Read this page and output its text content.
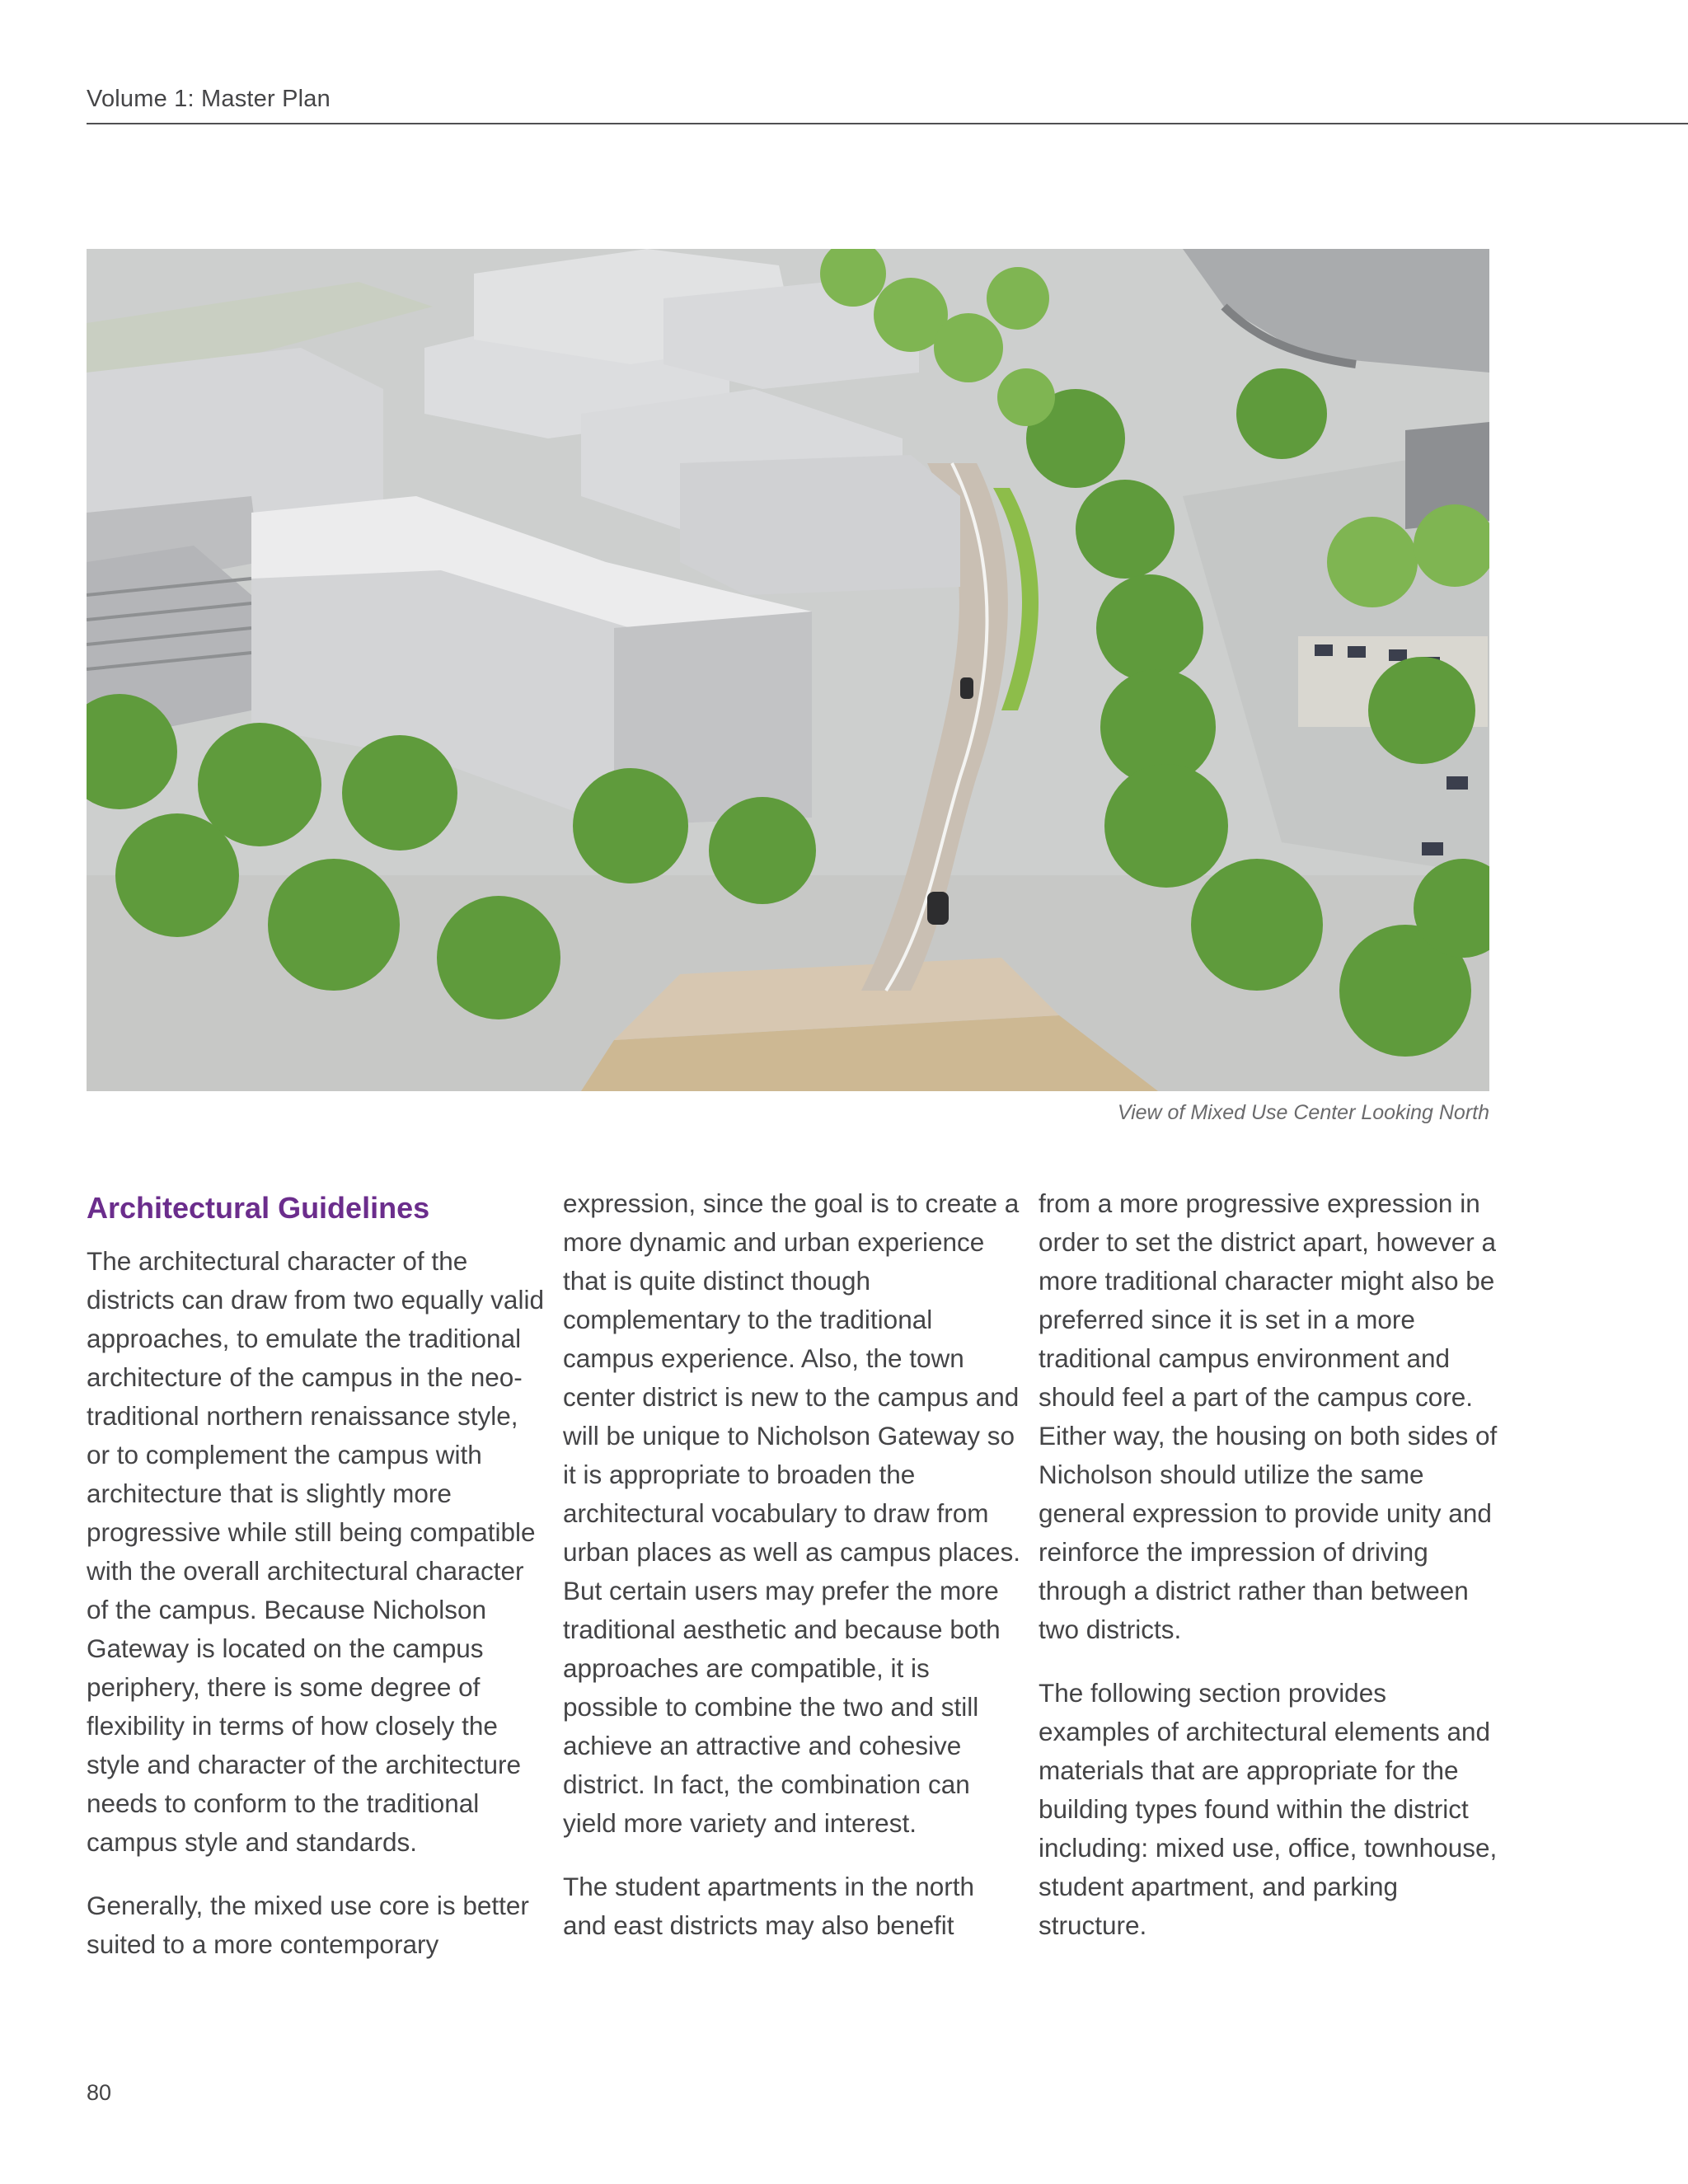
Volume 1: Master Plan
View of Mixed Use Center Looking North
Architectural Guidelines

The architectural character of the districts can draw from two equally valid approaches, to emulate the traditional architecture of the campus in the neo-traditional northern renaissance style, or to complement the campus with architecture that is slightly more progressive while still being compatible with the overall architectural character of the campus. Because Nicholson Gateway is located on the campus periphery, there is some degree of flexibility in terms of how closely the style and character of the architecture needs to conform to the traditional campus style and standards.

Generally, the mixed use core is better suited to a more contemporary

expression, since the goal is to create a more dynamic and urban experience that is quite distinct though complementary to the traditional campus experience. Also, the town center district is new to the campus and will be unique to Nicholson Gateway so it is appropriate to broaden the architectural vocabulary to draw from urban places as well as campus places. But certain users may prefer the more traditional aesthetic and because both approaches are compatible, it is possible to combine the two and still achieve an attractive and cohesive district. In fact, the combination can yield more variety and interest.

The student apartments in the north and east districts may also benefit

from a more progressive expression in order to set the district apart, however a more traditional character might also be preferred since it is set in a more traditional campus environment and should feel a part of the campus core. Either way, the housing on both sides of Nicholson should utilize the same general expression to provide unity and reinforce the impression of driving through a district rather than between two districts.

The following section provides examples of architectural elements and materials that are appropriate for the building types found within the district including: mixed use, office, townhouse, student apartment, and parking structure.

80
